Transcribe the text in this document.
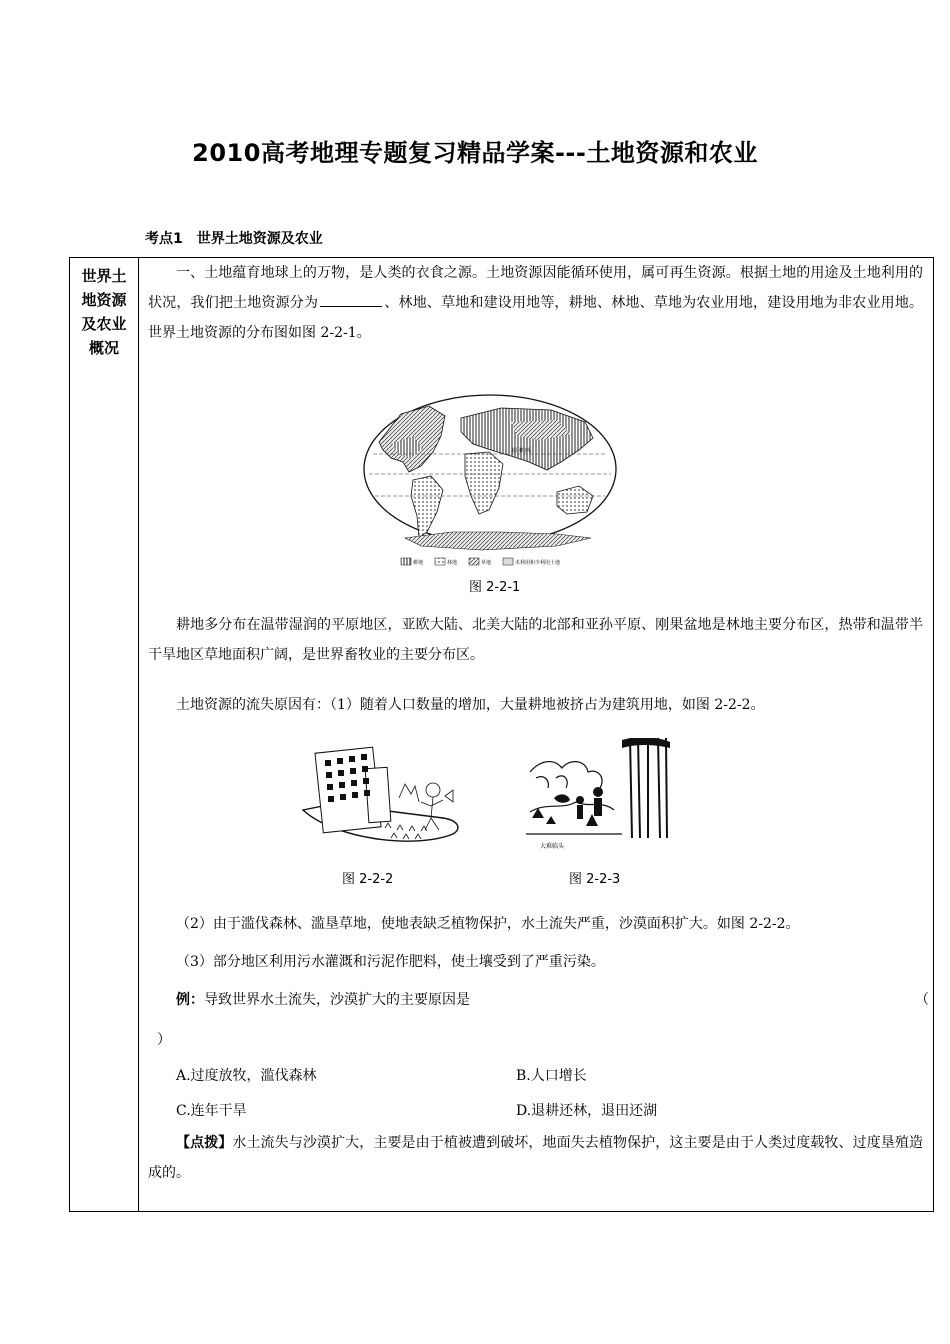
2010高考地理专题复习精品学案---土地资源和农业
考点1　世界土地资源及农业
世界土地资源及农业概况

一、土地蕴育地球上的万物，是人类的衣食之源。土地资源因能循环使用，属可再生资源。根据土地的用途及土地利用的状况，我们把土地资源分为	、林地、草地和建设用地等，耕地、林地、草地为农业用地，建设用地为非农业用地。世界土地资源的分布图如图 2-2-1。
北回归线
耕地	林地	草地	未利用和少利用土地
图 2-2-1
耕地多分布在温带湿润的平原地区，亚欧大陆、北美大陆的北部和亚孙平原、刚果盆地是林地主要分布区，热带和温带半干旱地区草地面积广阔，是世界畜牧业的主要分布区。
土地资源的流失原因有：（1）随着人口数量的增加，大量耕地被挤占为建筑用地，如图 2-2-2。
大难临头
图 2-2-2	图 2-2-3
（2）由于滥伐森林、滥垦草地，使地表缺乏植物保护，水土流失严重，沙漠面积扩大。如图 2-2-2。
（3）部分地区利用污水灌溉和污泥作肥料，使土壤受到了严重污染。
例：导致世界水土流失，沙漠扩大的主要原因是	（
）
A.过度放牧，滥伐森林	B.人口增长
C.连年干旱	D.退耕还林，退田还湖
【点拨】水土流失与沙漠扩大，主要是由于植被遭到破坏，地面失去植物保护，这主要是由于人类过度载牧、过度垦殖造成的。
